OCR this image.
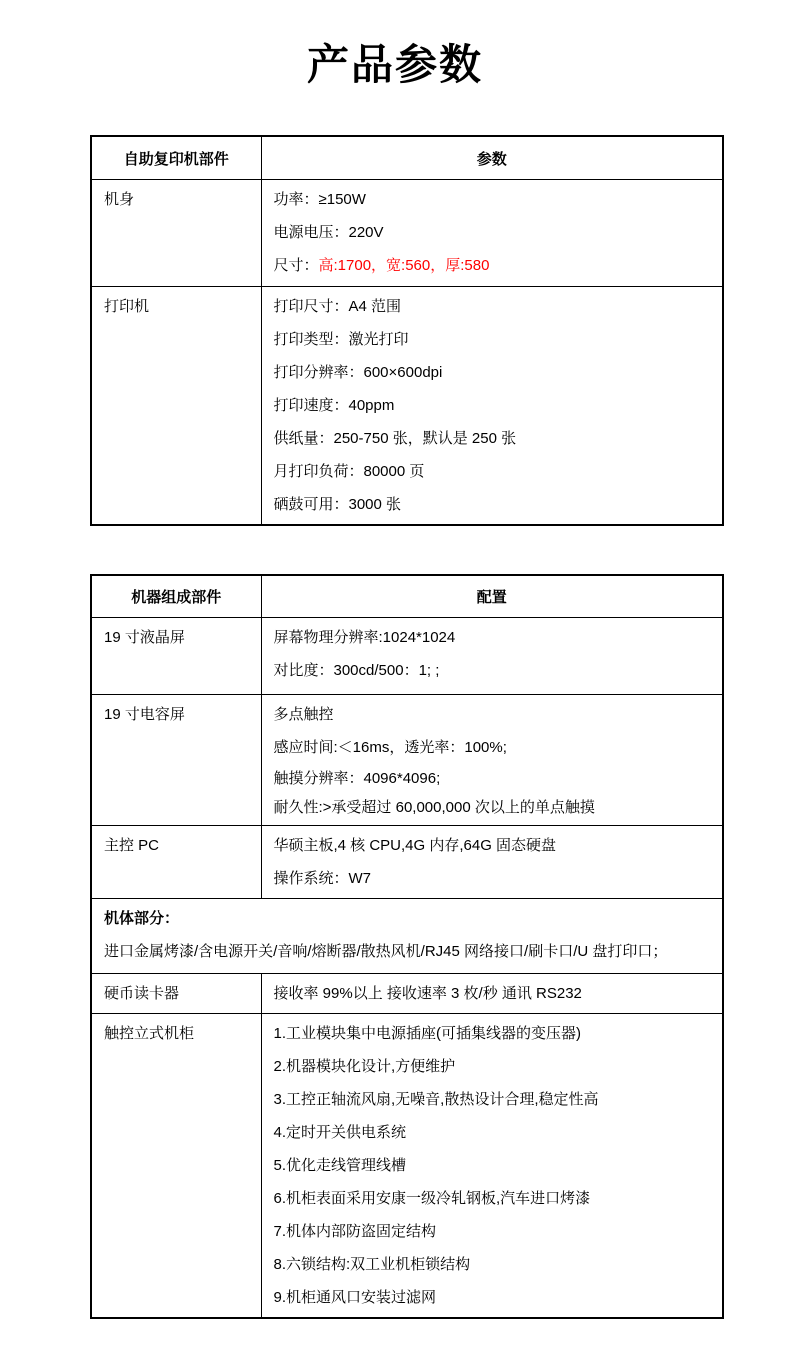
产品参数
自助复印机部件	参数

机身	功率：≥150W
电源电压：220V
尺寸：高:1700，宽:560，厚:580

打印机	打印尺寸：A4 范围
打印类型：激光打印
打印分辨率：600×600dpi
打印速度：40ppm
供纸量：250-750 张，默认是 250 张
月打印负荷：80000 页
硒鼓可用：3000 张
机器组成部件	配置

19 寸液晶屏	屏幕物理分辨率:1024*1024
对比度：300cd/500：1; ;

19 寸电容屏	多点触控
感应时间:＜16ms，透光率：100%;
触摸分辨率：4096*4096;
耐久性:>承受超过 60,000,000 次以上的单点触摸

主控 PC	华硕主板,4 核 CPU,4G 内存,64G 固态硬盘
操作系统：W7

机体部分：
进口金属烤漆/含电源开关/音响/熔断器/散热风机/RJ45 网络接口/刷卡口/U 盘打印口；	

硬币读卡器	接收率 99%以上 接收速率 3 枚/秒 通讯 RS232

触控立式机柜	1.工业模块集中电源插座(可插集线器的变压器)
2.机器模块化设计,方便维护
3.工控正轴流风扇,无噪音,散热设计合理,稳定性高
4.定时开关供电系统
5.优化走线管理线槽
6.机柜表面采用安康一级冷轧钢板,汽车进口烤漆
7.机体内部防盗固定结构
8.六锁结构:双工业机柜锁结构
9.机柜通风口安装过滤网
